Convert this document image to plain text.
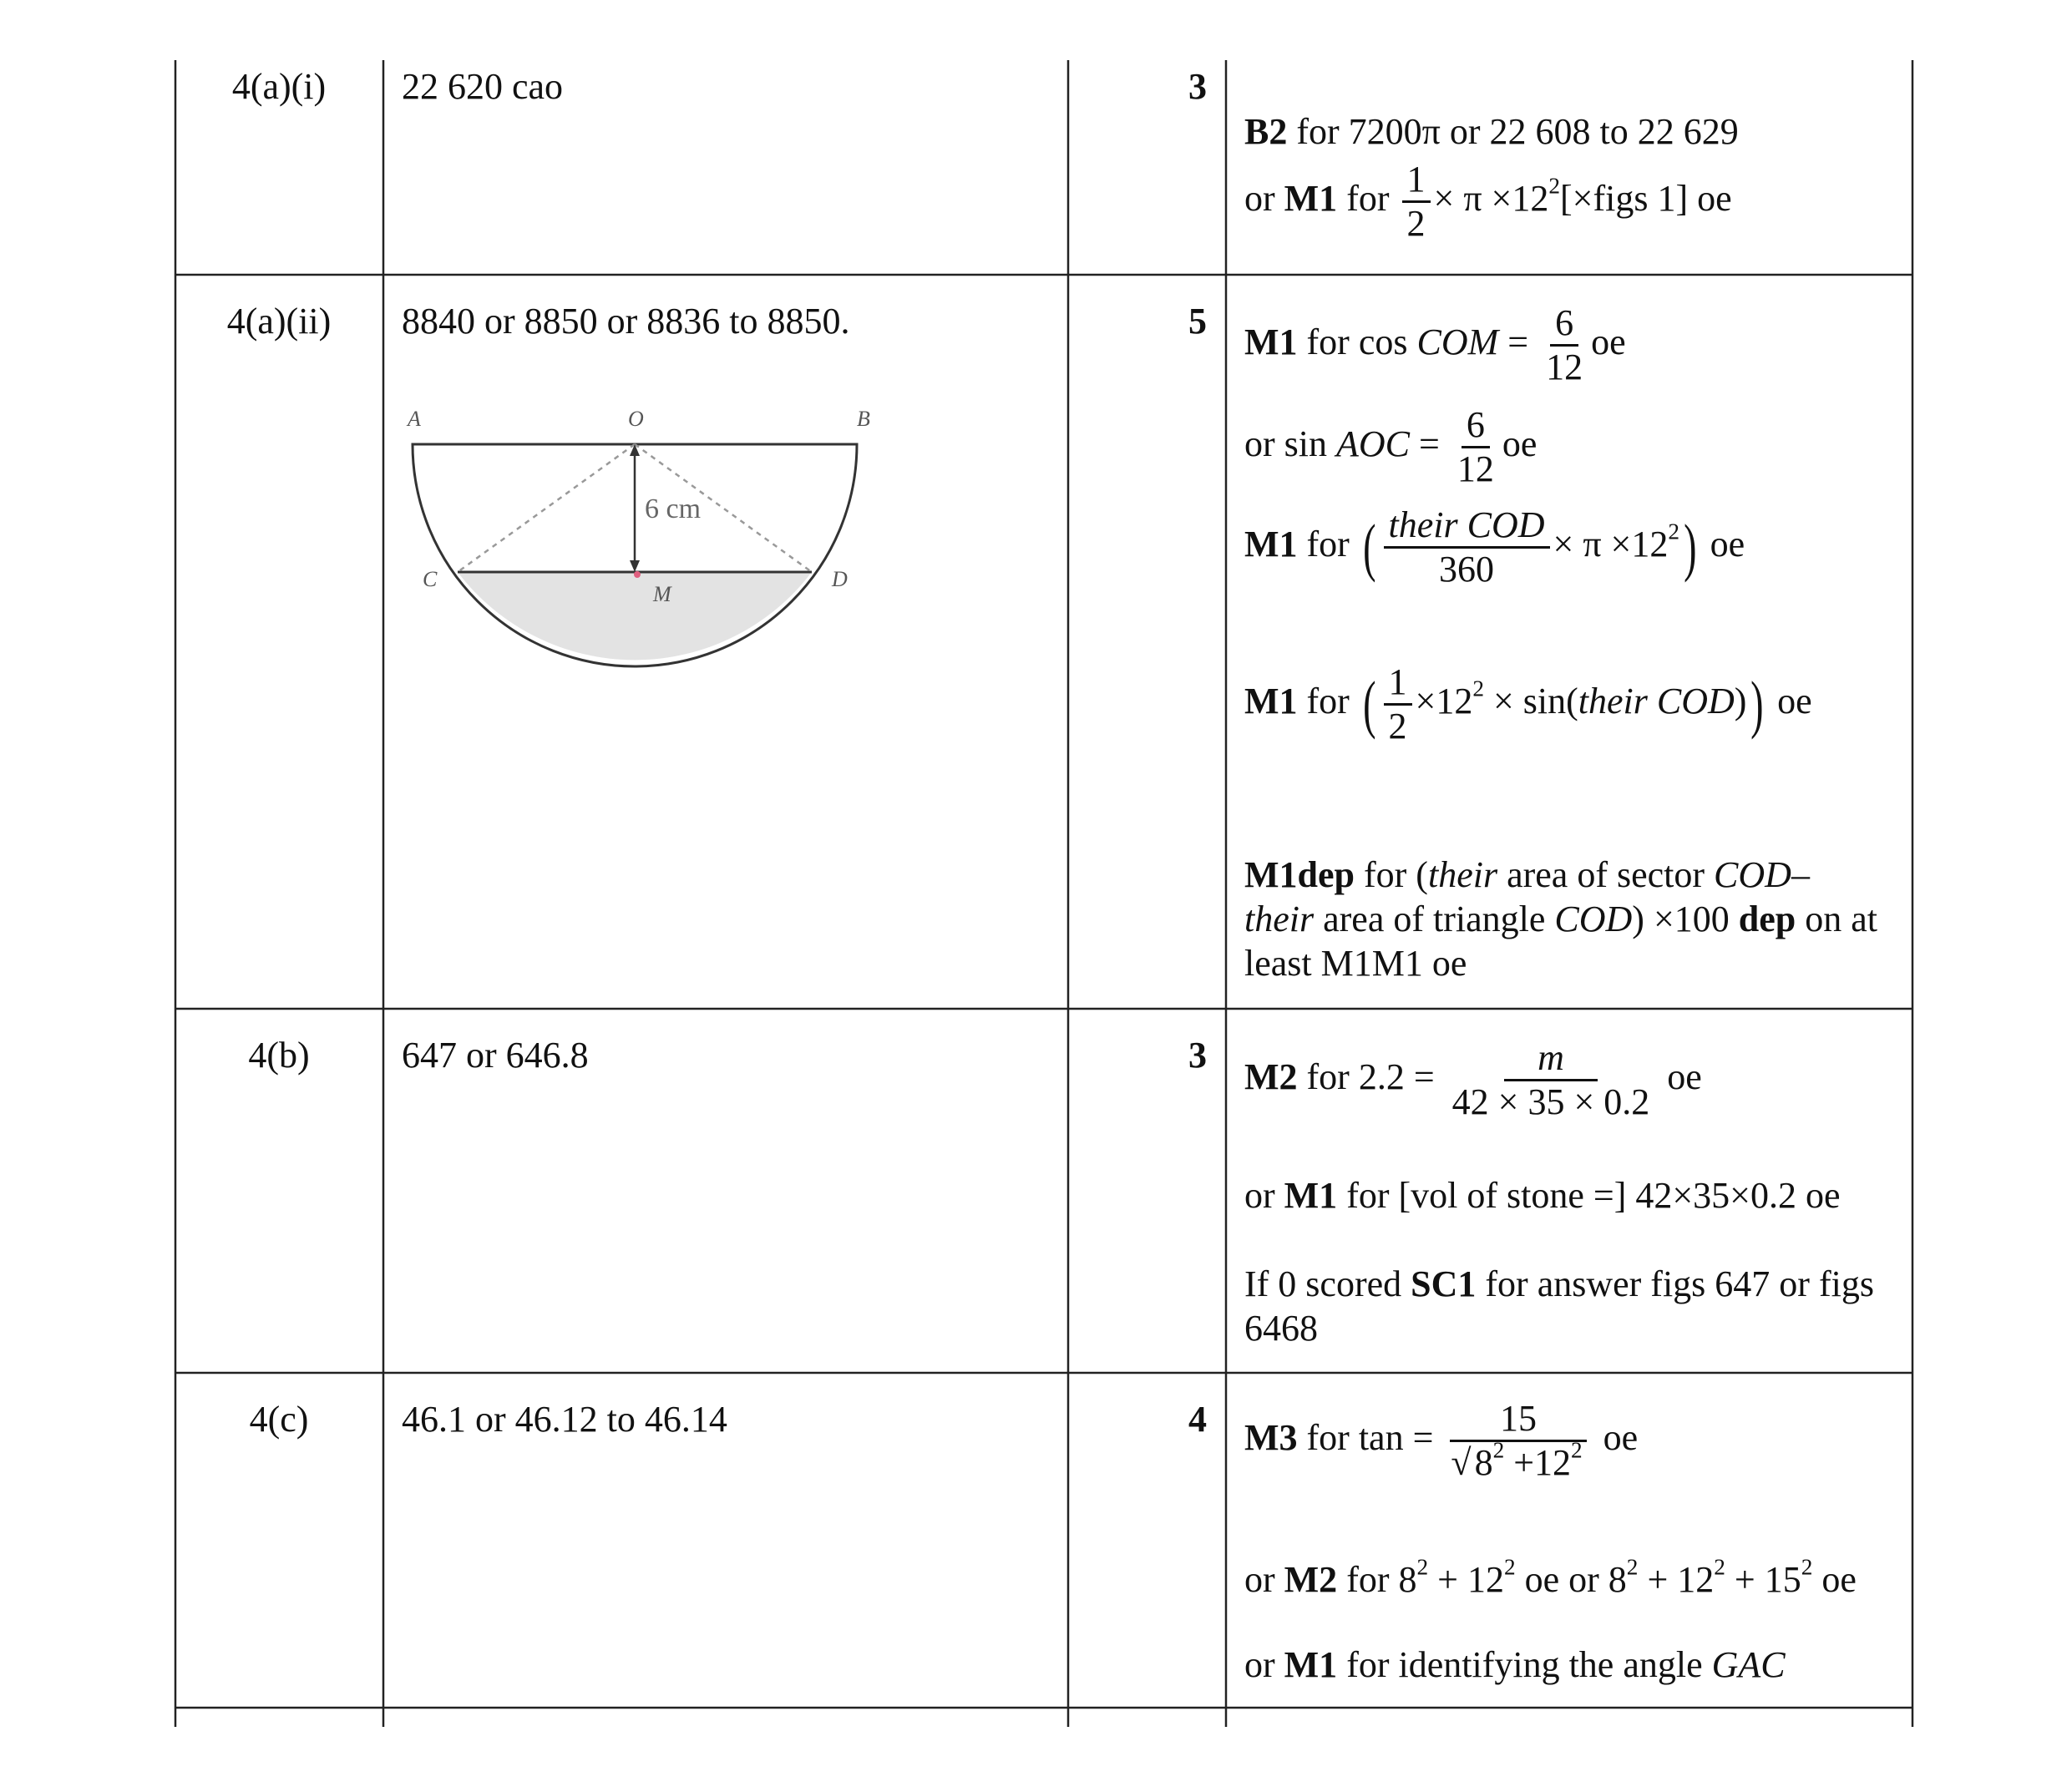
4(a)(i)	22 620 cao	3
B2 for 7200π or 22 608 to 22 629
or M1 for $\frac{1}{2} \times \pi$ $\times 12^2[\times figs$ 1] oe
4(a)(ii)	8840 or 8850 or 8836 to 8850.	5
A	O	B
C	D
M
6 cm
M1 for cos COM = $\frac{6}{12}$ oe
or sin AOC = $\frac{6}{12}$ oe
M1 for ( $\frac{\text{their COD}}{360} \times \pi \times 12^2$) oe
M1 for ( $\frac{1}{2} \times 12^2$ × sin(their COD)) oe
M1dep for (their area of sector COD– their area of triangle COD) ×100 dep on at least M1M1 oe
4(b)	647 or 646.8	3
M2 for $2.2 = \frac{m}{42 \times 35 \times 0.2}$ oe
or M1 for [vol of stone =] 42×35×0.2 oe
If 0 scored SC1 for answer figs 647 or figs 6468
4(c)	46.1 or 46.12 to 46.14	4 M3 for $\tan = \frac{15}{√8^2 +12^2}$ oe
or M2 for $8^2 + 12^2$ oe or $8^2 + 12^2 + 15^2$ oe
or M1 for identifying the angle GAC
